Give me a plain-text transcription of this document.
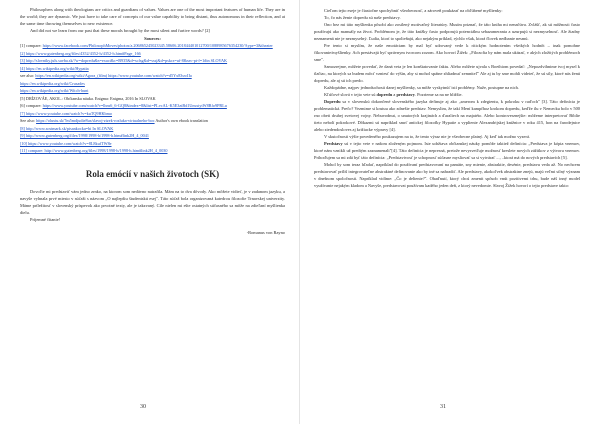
Philosophers along with theologians are critics and guardians of values. Values are one of the most important features of human life. They are in the world; they are dynamic. We just have to take care of concepts of our value capability to bring distant, thus autonomous in their reflection, and at the same time throwing themselves to new existence.

And did not we learn from our past that these morals brought by the most silent and furtive words? [2]

Sources:

[1] compare: https://www.facebook.com/PhilosophMoves/photos/a.206865245023345.58606.201844401012700/1088985676354230/?type=3&theater

[2] https://www.gutenberg.org/files/4352/4352-h/4352-h.htm#Page_166

[3] http://slovniky.juls.savba.sk/?w=dopredu&s=exact&c=B935&d=scfsg&d=sssj&d=pskcs=uf-8&sec-pt-f=1#in SLOVAK

[4] https://en.wikipedia.org/wiki/Hypatia

see also: https://en.wikipedia.org/wiki/Agora_(film) https://www.youtube.com/watch?v=d5Yx83swIIa

https://en.wikipedia.org/wiki/Crusades

https://en.wikipedia.org/wiki/Witch-hunt

[5] DRÍZOVÁE, AKOL.: Občianska náuka. Enigma: Enigma, 2016 In SLOVAK

[6] compare: https://www.youtube.com/watch?v=lhns6_6-GQ8&index=8&list=PLvcAL-K5E3ztBd1UnsxiytW8Rfo9PRLu

[7] https://www.youtube.com/watch?v=kuTQ9HKbmo

See also: https://oluxtu.sk/7m5mdjudie8us/slavoj-zizek-rozluka-virtualneho-boc Author's own ebook translation

[8] http://www.sostmark.sk/pisankocka=bi In SLOVAK

[9] http://www.gutenberg.org/files/1998/1998-h/1998-h.htm#link2H_4_0041

[10] https://www.youtube.com/watch?v=8L8kufTW8e

[11] compare: http://www.gutenberg.org/files/1998/1998-h/1998-h.htm#link2H_4_0030

Rola emócií v našich životoch (SK)

Dovoľte mi predstaviť vám jedno zrnko, na ktorom som nedávno natrafila. Mám na to dva dôvody. Ako môžete vidieť, je v zadanom jazyku, a navyše vyhnala prvé miesto v súťaži s názvom „O najlepšiu študentskú esej". Táto súťaž bola organizovaná katedrou filozofie Trnavskej univerzity. Máme príležitosť v slovenský príspevok ako prvotné texty, ale je takzvaný. Cíle nielen mi ešte ostatných súčasného sa môže na zdieľaní myšlienka dielu.

Príjemné čítanie!

-Romanus von Rayno

30

Cieľom tejto eseje je čiastočne spochybniť všeobecnosť, a zároveň poukázať na obľúbené myšlienky:

To, čo nás ženie dopredu sú naše predstavy.

Ono bez mi táto myšlienka pôsobí ako zosilený motivačný literatúry. Musím priznať, že táto kniha mi nenačúva. Zvlášť, ak sú môžnosti často používajú ako manuály na život. Problémom je, že táto knižky často podporujú potenciálnu sebazamerania a uzurpujú si nezmyselnosť. Ale žiadny neznamená nie je nezmyselný. Ľudia, ktorí to spolieňajú, ako nejakým príklad, rýchlo však, ktorá človek nedbanie nesmú.

Pre tento si myslím, že naše emotáciam by mal byť udrovaný vede k ritickým hodnotením všetkých hodnôt – inak pomohne číkovanie/myšlienky. Ach prestávajú byť správnym tvorcom zozom. Ako hovorí Žižek: „Filozofia by nám mala ukázať, v akých zložitých problémoch sme".

Samozrejme, môžete povedať, že daná veta je len konštatovanie faktu. Alebo môžete ujvala s Boethiom povedať: „Nepozdvihnime tvoj mysel k tlačiac, na ktorých sa budem môcť vzniesť do výšin, aby si mohol spátne zhliadnuť zemniteľ" Ale aj tu by sme mohli videieť, že sú sily, ktoré nás ženú dopredu, ale aj sú ich predo.

Každopádne, najprv jednoduchosti danej myšlienky, sa môže vyskytnúť istí problémy. Nuže, postupne na nich.

Kľúčové slová v tejto vete sú dopredu a predstavy. Pozrieme sa na ne bližšie.

Dopredu sa v slovenskú dokončené slovenského jazyka definuje aj ako „smerom k zdegientu, k pokroku v raďoch" [3]. Táto definícia je problematická. Prečo? Vezmime si krutuu ako zdnešie predstav. Nemyslim, že takí Mení kampfhoz krokom dopredu, keďže ilu v Nemecku bolo v 500 rno obeti druhej svetovej vojny. Nebuvodnut, o unutorých krajinách a ďaraliech na majatéto. Alebo kontroverznejšie: môžeme interpretovať Biblie tieto nebolí pokrokové. Dôkazmi sú napríklad smrť antickej filozofky Hypatie a vyplienie Alexandrijskej knižnice v roku 415, hon na čarodejnice alebo ziedendosloves aj križiacke výpravy [4].

V skutočnosti výšie povedeného poukazujem na to, že tento výraz nie je všeobecne platný. Aj keď tak možno vyzerá.

Predstavy sú v tejto vete v našom zloženým pojmom. Iste udržiava občianskej náuky pomôže taktiež definícia: „Predstava je kópia vnemov, ktoré nám vznikli už predtým zaznamenali"[4]. Táto definícia je nepresná, pretože nevysvetľuje možnosť kreslete nových zážitkov z výtvoru vnemov. Prihoďujem sa mi zdá byť táto definícia: „Predstavivosť je schopnosť súčasne mysliovať sa si vytvárať ..., ..ktorá má do nových predstavích [5].

Mohol by som teraz hľadať, napríklad do používaní predstavovaní na pamäte, sny mienie, abstraktie, desénie, predstavu veda až. No nechcem predstavovať príliš integrovateľne abstraktné definovanie ako by iné sa nahradiť. Ale predstavy, akokoľvek abstraktne znejú, majú veľmi silný význam v dnešnom spoločnosti. Napríklad vidíme: „Čo je deltenie?". Ohaďnutí, ktorý chcú zmenit spôsob vnút pozitivemi trhu, bude náš inný model využívanie nejakým kladom a Navyše, predstavovat používam kadého jeden deň, z ktorý nevedomie. Slavoj Žižek hovorí o tejto predstave takto:

31
